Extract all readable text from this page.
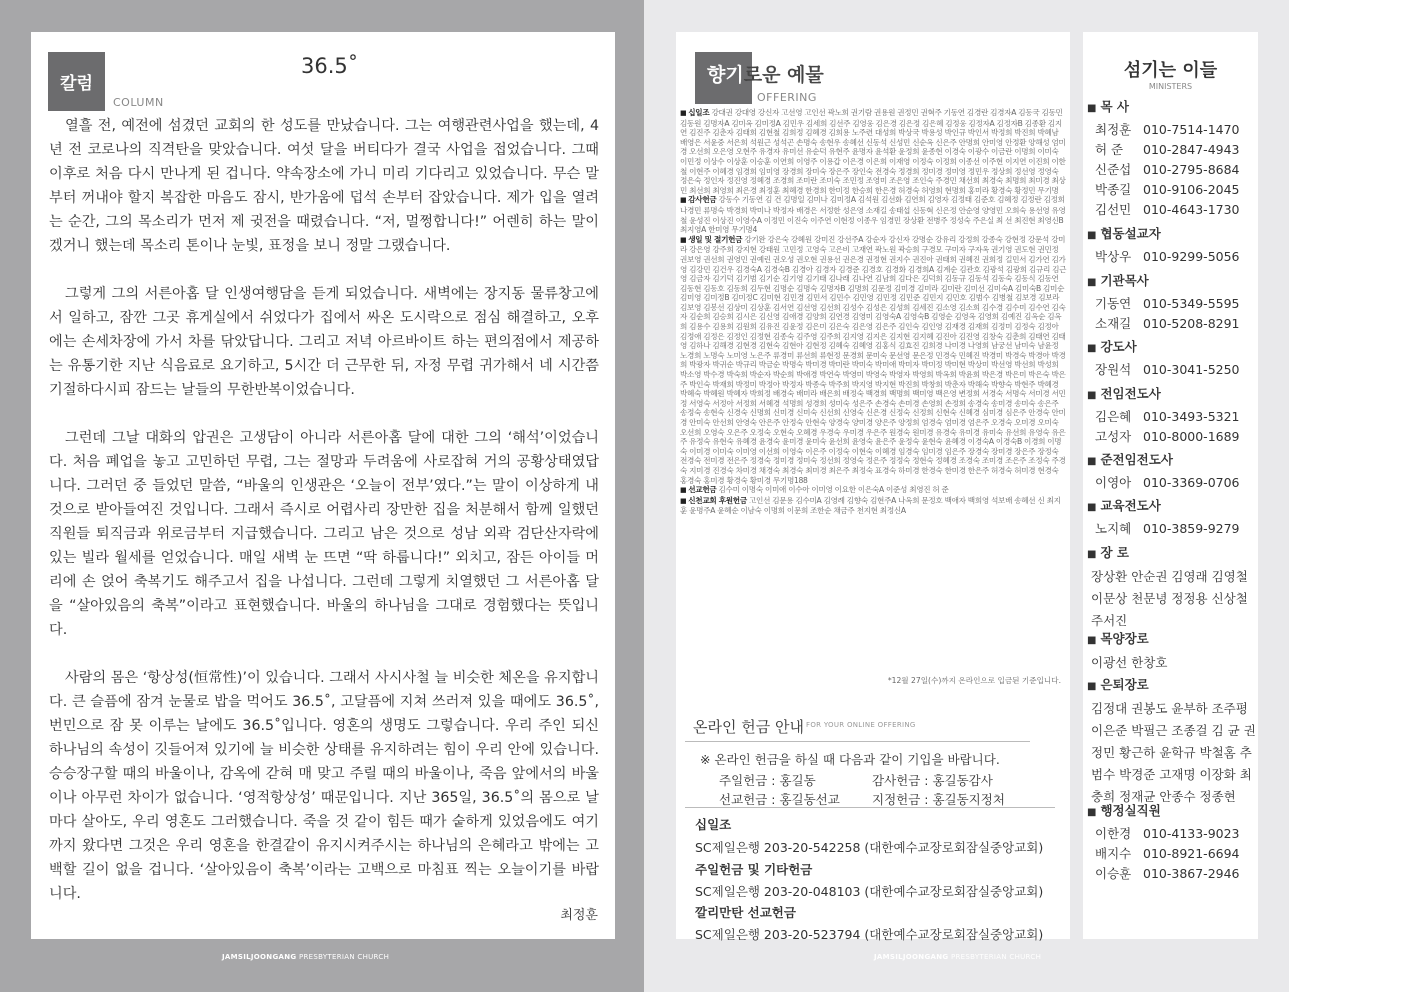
칼럼
COLUMN
36.5˚

열흘 전, 예전에 섬겼던 교회의 한 성도를 만났습니다. 그는 여행관련사업을 했는데, 4년 전 코로나의 직격탄을 맞았습니다. 여섯 달을 버티다가 결국 사업을 접었습니다. 그때 이후로 처음 다시 만나게 된 겁니다. 약속장소에 가니 미리 기다리고 있었습니다. 무슨 말부터 꺼내야 할지 복잡한 마음도 잠시, 반가움에 덥석 손부터 잡았습니다. 제가 입을 열려는 순간, 그의 목소리가 먼저 제 귓전을 때렸습니다. “저, 멀쩡합니다!” 어렌히 하는 말이겠거니 했는데 목소리 톤이나 눈빛, 표정을 보니 정말 그랬습니다.

그렇게 그의 서른아홉 달 인생여행담을 듣게 되었습니다. 새벽에는 장지동 물류창고에서 일하고, 잠깐 그곳 휴게실에서 쉬었다가 집에서 싸온 도시락으로 점심 해결하고, 오후에는 손세차장에 가서 차를 닦았답니다. 그리고 저녁 아르바이트 하는 편의점에서 제공하는 유통기한 지난 식음료로 요기하고, 5시간 더 근무한 뒤, 자정 무렵 귀가해서 네 시간쯤 기절하다시피 잠드는 날들의 무한반복이었습니다.

그런데 그날 대화의 압권은 고생담이 아니라 서른아홉 달에 대한 그의 ‘해석’이었습니다. 처음 폐업을 놓고 고민하던 무렵, 그는 절망과 두려움에 사로잡혀 거의 공황상태였답니다. 그러던 중 들었던 말씀, “바울의 인생관은 ‘오늘이 전부’였다.”는 말이 이상하게 내 것으로 받아들여진 것입니다. 그래서 즉시로 어렵사리 장만한 집을 처분해서 함께 일했던 직원들 퇴직금과 위로금부터 지급했습니다. 그리고 남은 것으로 성남 외곽 검단산자락에 있는 빌라 월세를 얻었습니다. 매일 새벽 눈 뜨면 “딱 하룹니다!” 외치고, 잠든 아이들 머리에 손 얹어 축복기도 해주고서 집을 나섭니다. 그런데 그렇게 치열했던 그 서른아홉 달을 “살아있음의 축복”이라고 표현했습니다. 바울의 하나님을 그대로 경험했다는 뜻입니다.

사람의 몸은 ‘항상성(恒常性)’이 있습니다. 그래서 사시사철 늘 비슷한 체온을 유지합니다. 큰 슬픔에 잠겨 눈물로 밥을 먹어도 36.5˚, 고달픔에 지쳐 쓰러져 있을 때에도 36.5˚, 번민으로 잠 못 이루는 날에도 36.5˚입니다. 영혼의 생명도 그렇습니다. 우리 주인 되신 하나님의 속성이 깃들어져 있기에 늘 비슷한 상태를 유지하려는 힘이 우리 안에 있습니다. 승승장구할 때의 바울이나, 감옥에 갇혀 매 맞고 주릴 때의 바울이나, 죽음 앞에서의 바울이나 아무런 차이가 없습니다. ‘영적항상성’ 때문입니다. 지난 365일, 36.5˚의 몸으로 날마다 살아도, 우리 영혼도 그러했습니다. 죽을 것 같이 힘든 때가 숱하게 있었음에도 여기까지 왔다면 그것은 우리 영혼을 한결같이 유지시켜주시는 하나님의 은혜라고 밖에는 고백할 길이 없을 겁니다. ‘살아있음이 축복’이라는 고백으로 마침표 찍는 오늘이기를 바랍니다.

최정훈
JAMSILJOONGANG PRESBYTERIAN CHURCH
향기로운 예물
OFFERING

■ 십일조 강대권 강대영 강신자 고선영 고인선 곽노희 권기람 권용원 권정민 권혁주 기동연 김경란 김경자A 김동국 김동민 김동원 김명자A 김미옥 김미정A 김민우 김세희 김선주 김영웅 김은경 김은정 김은혜 김정웅 김정자A 김정자B 김종환 김지연 김진주 김춘자 김태희 김현철 김희정 김혜경 김희용 노주련 대성희 박상국 박용성 박인규 박인서 박정희 박진희 박혜남 배영은 서윤중 서은희 석원근 성석곤 손명숙 송현우 송혜선 신동석 신성민 신순옥 신은주 안명희 안미영 안정환 양해성 엄미경 오선희 오은영 오현주 유경자 유미선 유순덕 유현주 윤명자 윤석환 윤정희 윤종현 이경숙 이광수 이금란 이명희 이미숙 이민정 이상수 이상훈 이승훈 이연희 이영주 이용갑 이은경 이은희 이재영 이정숙 이정희 이종선 이주현 이지연 이진희 이한철 이현주 이혜경 임경희 임미영 장경희 장미숙 장은주 장인숙 전경숙 정경희 정미경 정미영 정민우 정상희 정선영 정영숙 정은숙 정인자 정진영 정혜경 조경희 조미란 조미숙 조민정 조영미 조은영 조인숙 주경민 채선희 최경숙 최명희 최미경 최상민 최선희 최영희 최은경 최정훈 최혜경 한경희 한미정 한승희 한은경 허경숙 허영희 현명희 홍미라 황경숙 황정민 무기명

■ 감사헌금 강동수 기동연 김 건 김명일 김미나 김미정A 김석원 김선화 김연희 김영자 김정태 김준호 김혜정 김정란 김정희 나경민 류명숙 박경희 박미나 박정자 배경은 서정한 성은영 소재길 송태섭 신동혁 신은정 안순영 양영민 오희숙 용선영 유영철 윤성진 이상진 이영수A 이정민 이진숙 이주연 이현정 이종우 임경민 장상환 전병주 정성숙 주은실 최 선 최진현 최영신B 최지영A 한미영 무기명4

■ 생일 및 절기헌금 강기완 강은숙 강혜원 강미진 강선주A 강순자 강신자 강명순 강유리 강정희 강종숙 강현정 강문석 강미라 강은영 강주희 강지현 강태원 고민정 고영숙 고은비 고재연 곽노원 곽승희 구경모 구미자 구자옥 권기영 권도현 권민정 권보영 권선희 권영민 권예린 권오성 권오현 권용선 권은경 권정현 권지수 권진아 권태희 권혜진 권희정 길민서 김가연 김가영 김강민 김건우 김경숙A 김경숙B 김경아 김경자 김경준 김경호 김경화 김경희A 김계순 김관호 김광석 김광희 김규리 김근영 김금자 김기덕 김기범 김기순 김기영 김기태 김나래 김나연 김남희 김다은 김덕희 김동규 김동석 김동숙 김동식 김동연 김동현 김동호 김동희 김두현 김명순 김명숙 김명자B 김명희 김문정 김미경 김미라 김미란 김미선 김미숙A 김미숙B 김미순 김미영 김미정B 김미정C 김미현 김민경 김민서 김민수 김민영 김민정 김민준 김민지 김민호 김범수 김병철 김보경 김보라 김보영 김봉선 김상미 김상훈 김서연 김선영 김선희 김성수 김성은 김성희 김세진 김소영 김소희 김수경 김수미 김수연 김숙자 김순희 김승희 김시은 김신영 김애경 김양희 김연경 김영미 김영숙A 김영숙B 김영순 김영옥 김영희 김예진 김옥순 김옥희 김용수 김용희 김원희 김유진 김윤정 김은미 김은숙 김은영 김은주 김인숙 김인영 김재경 김재희 김정미 김정숙 김정아 김정애 김정은 김정인 김정현 김종숙 김주영 김주희 김지영 김지은 김지현 김지혜 김진아 김진영 김창숙 김춘희 김태연 김태영 김하나 김해경 김현경 김현숙 김현아 김현정 김혜숙 김혜영 김홍식 김효진 김희경 나미경 나영희 남궁선 남미숙 남윤정 노경희 노명숙 노미영 노은주 류경미 류선희 류현정 문경희 문미숙 문선영 문은정 민경숙 민혜진 박경미 박경숙 박경아 박경희 박광자 박귀순 박규리 박금순 박명숙 박미경 박미란 박미숙 박미애 박미자 박미정 박미현 박상미 박선영 박선희 박성희 박소영 박수경 박숙희 박순자 박순희 박애경 박연숙 박영미 박영숙 박영자 박영희 박옥희 박윤희 박은경 박은미 박은숙 박은주 박인숙 박재희 박정미 박정아 박정자 박종숙 박주희 박지영 박지현 박진희 박창희 박춘자 박해숙 박향숙 박현주 박혜경 박혜숙 박혜원 박혜자 박희정 배경숙 배미라 배은희 배정숙 백경희 백명희 백미영 백은영 변정희 서경숙 서명숙 서미경 서민정 서영숙 서정아 서정희 서혜경 석명희 성경희 성미숙 성은주 손경숙 손미경 손영희 손정희 송경숙 송미경 송미숙 송은주 송정숙 송현숙 신경숙 신명희 신미경 신미숙 신선희 신영숙 신은경 신정숙 신정희 신현숙 신혜경 심미경 심은주 안경숙 안미경 안미숙 안선희 안영숙 안은주 안정숙 안현숙 양경숙 양미경 양은주 양정희 엄경숙 엄미경 엄은주 오경숙 오미경 오미숙 오선희 오영숙 오은주 오정숙 오현숙 오혜경 우경숙 우미경 우은주 원경숙 원미경 유경숙 유미경 유미숙 유선희 유영숙 유은주 유정숙 유현숙 유혜경 윤경숙 윤미경 윤미숙 윤선희 윤영숙 윤은주 윤정숙 윤현숙 윤혜경 이경숙A 이경숙B 이경희 이명숙 이미경 이미숙 이미영 이선희 이영숙 이은주 이정숙 이현숙 이혜경 임경숙 임미경 임은주 장경숙 장미경 장은주 장정숙 전경숙 전미경 전은주 정경숙 정미경 정미숙 정선희 정영숙 정은주 정정숙 정현숙 정혜경 조경숙 조미경 조은주 조정숙 주경숙 지미경 진경숙 차미경 채경숙 최경숙 최미경 최은주 최정숙 표경숙 하미경 한경숙 한미경 한은주 허경숙 허미경 현경숙 홍경숙 홍미경 황경숙 황미경 무기명188

■ 선교헌금 김수미 이명숙 이미애 이수아 이미영 이요한 이은숙A 이준성 최영진 허 준

■ 신천교회 후원헌금 고인선 김문용 김수미A 김영례 김향숙 김현주A 나옥희 문정호 백애자 백희영 석보배 송혜선 신 최지훈 윤명주A 윤혜순 이남숙 이명희 이문희 조한순 채금주 천지현 최정신A

*12월 27일(수)까지 온라인으로 입금된 기준입니다.
온라인 헌금 안내 FOR YOUR ONLINE OFFERING
※ 온라인 헌금을 하실 때 다음과 같이 기입을 바랍니다.
주일헌금 : 홍길동	감사헌금 : 홍길동감사
선교헌금 : 홍길동선교	지정헌금 : 홍길동지정처
십일조
SC제일은행 203-20-542258 (대한예수교장로회잠실중앙교회)
주일헌금 및 기타헌금
SC제일은행 203-20-048103 (대한예수교장로회잠실중앙교회)
깔리만탄 선교헌금
SC제일은행 203-20-523794 (대한예수교장로회잠실중앙교회)
JAMSILJOONGANG PRESBYTERIAN CHURCH
섬기는 이들
MINISTERS
■ 목 사
최정훈 010-7514-1470
허 준 010-2847-4943
신준섭 010-2795-8684
박종길 010-9106-2045
김선민 010-4643-1730
■ 협동설교자
박상우 010-9299-5056
■ 기관목사
기동연 010-5349-5595
소재길 010-5208-8291
■ 강도사
장원석 010-3041-5250
■ 전임전도사
김은혜 010-3493-5321
고성자 010-8000-1689
■ 준전임전도사
이영아 010-3369-0706
■ 교육전도사
노지혜 010-3859-9279
■ 장 로
장상환 안순권 김영래 김영철 이문상 천문녕 정정용 신상철 주서진
■ 목양장로
이광선 한창호
■ 은퇴장로
김정대 권봉도 윤부하 조주평 이은준 박필근 조종걸 김 균 권정민 황근하 윤학규 박철홈 추범수 박경준 고재명 이장화 최충희 정재균 안종수 정종현
■ 행정실직원
이한경 010-4133-9023
배지수 010-8921-6694
이승훈 010-3867-2946
